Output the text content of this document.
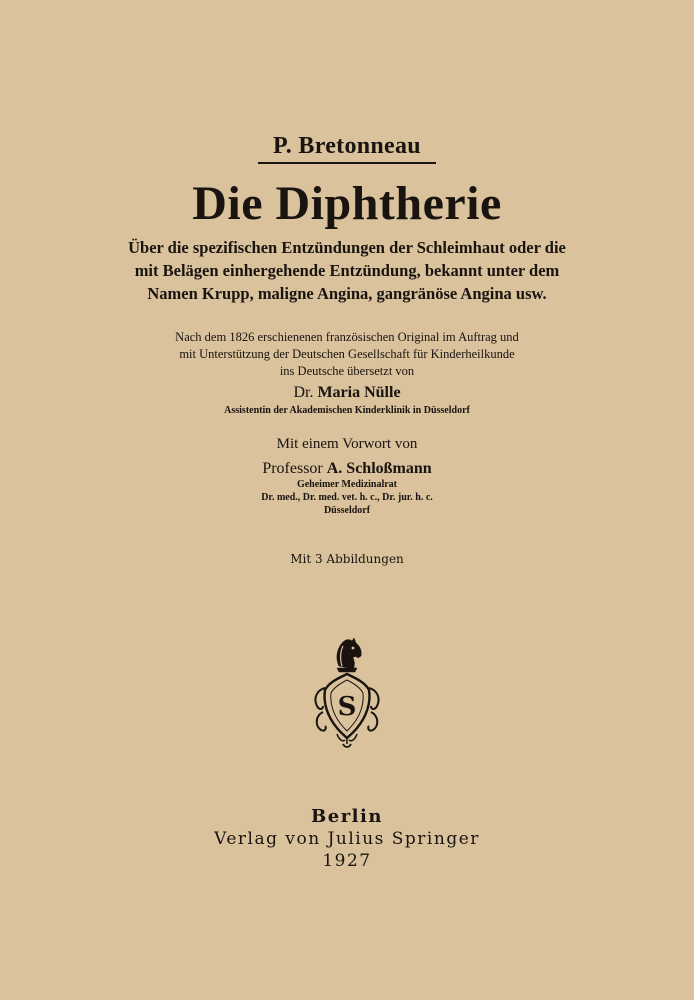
P. Bretonneau
Die Diphtherie
Über die spezifischen Entzündungen der Schleimhaut oder die
mit Belägen einhergehende Entzündung, bekannt unter dem
Namen Krupp, maligne Angina, gangränöse Angina usw.
Nach dem 1826 erschienenen französischen Original im Auftrag und
mit Unterstützung der Deutschen Gesellschaft für Kinderheilkunde
ins Deutsche übersetzt von
Dr. Maria Nülle
Assistentin der Akademischen Kinderklinik in Düsseldorf
Mit einem Vorwort von
Professor A. Schloßmann
Geheimer Medizinalrat
Dr. med., Dr. med. vet. h. c., Dr. jur. h. c.
Düsseldorf
Mit 3 Abbildungen
S
Berlin
Verlag von Julius Springer
1927
